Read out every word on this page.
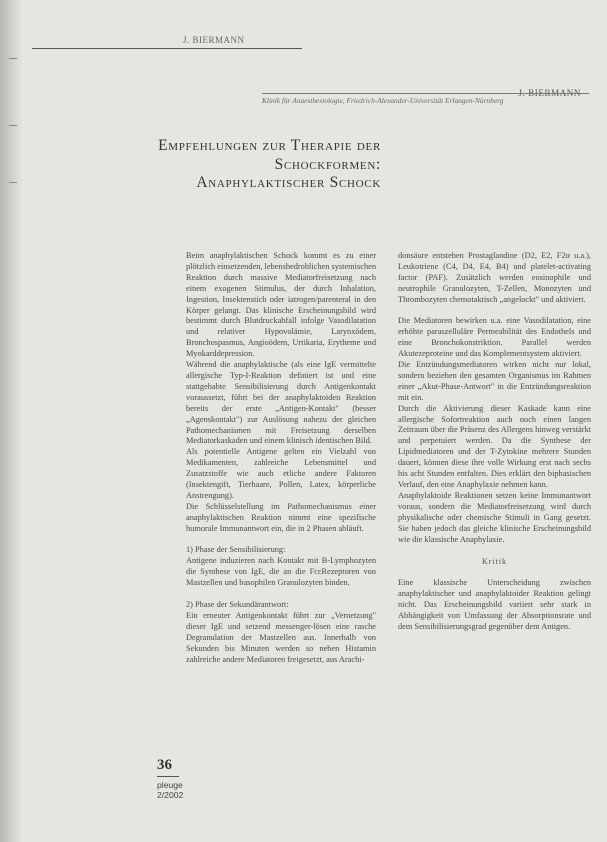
J. BIERMANN
J. BIERMANN
Klinik für Anaesthesiologie, Friedrich-Alexander-Universität Erlangen-Nürnberg
Empfehlungen zur Therapie der
Schockformen:
Anaphylaktischer Schock

Beim anaphylaktischen Schock kommt es zu einer plötzlich einsetzenden, lebensbedrohlichen systemischen Reaktion durch massive Mediatorfreisetzung nach einem exogenen Stimulus, der durch Inhalation, Ingestion, Insektenstich oder iatrogen/parenteral in den Körper gelangt. Das klinische Erscheinungsbild wird bestimmt durch Blutdruckabfall infolge Vasodilatation und relativer Hypovolämie, Larynxödem, Bronchospasmus, Angioödem, Urtikaria, Erytheme und Myokarddepression.

Während die anaphylaktische (als eine IgE vermittelte allergische Typ-I-Reaktion definiert ist und eine stattgehabte Sensibilisierung durch Antigenkontakt voraussetzt, führt bei der anaphylaktoiden Reaktion bereits der erste „Antigen-Kontakt" (besser „Agenskontakt") zur Auslösung nahezu der gleichen Pathomechanismen mit Freisetzung derselben Mediatorkaskaden und einem klinisch identischen Bild.

Als potentielle Antigene gelten ein Vielzahl von Medikamenten, zahlreiche Lebensmittel und Zusatzstoffe wie auch etliche andere Faktoren (Insektengift, Tierhaare, Pollen, Latex, körperliche Anstrengung).

Die Schlüsselstellung im Pathomechanismus einer anaphylaktischen Reaktion nimmt eine spezifische humorale Immunantwort ein, die in 2 Phasen abläuft.

1) Phase der Sensibilisierung:

Antigene induzieren nach Kontakt mit B-Lymphozyten die Synthese von IgE, die an die FcεRezeptoren von Mastzellen und basophilen Granulozyten binden.

2) Phase der Sekundärantwort:

Ein erneuter Antigenkontakt führt zur „Vernetzung" dieser IgE und setzend messenger-lösen eine rasche Degranulation der Mastzellen aus. Innerhalb von Sekunden bis Minuten werden so neben Histamin zahlreiche andere Mediatoren freigesetzt, aus Arachi-

donsäure entstehen Prostaglandine (D2, E2, F2α u.a.), Leukotriene (C4, D4, E4, B4) und platelet-activating factor (PAF). Zusätzlich werden eosinophile und neutrophile Granulozyten, T-Zellen, Monozyten und Thrombozyten chemotaktisch „angelockt" und aktiviert.

Die Mediatoren bewirken u.a. eine Vasodilatation, eine erhöhte paraszelluläre Permeabilität des Endothels und eine Bronchokonstriktion. Parallel werden Akutezeproteine und das Komplementsystem aktiviert.

Die Entzündungsmediatoren wirken nicht nur lokal, sondern beziehen den gesamten Organismus im Rahmen einer „Akut-Phase-Antwort" in die Entzündungsreaktion mit ein.

Durch die Aktivierung dieser Kaskade kann eine allergische Sofortreaktion auch noch einen langen Zeitraum über die Präsenz des Allergens hinweg verstärkt und perpetuiert werden. Da die Synthese der Lipidmediatoren und der T-Zytokine mehrere Stunden dauert, können diese ihre volle Wirkung erst nach sechs bis acht Stunden entfalten. Dies erklärt den biphasischen Verlauf, den eine Anaphylaxie nehmen kann.

Anaphylaktoide Reaktionen setzen keine Immunantwort voraus, sondern die Mediatorfreisetzung wird durch physikalische oder chemische Stimuli in Gang gesetzt. Sie haben jedoch das gleiche klinische Erscheinungsbild wie die klassische Anaphylaxie.

Kritik

Eine klassische Unterscheidung zwischen anaphylaktischer und anaphylaktoider Reaktion gelingt nicht. Das Erscheinungsbild variiert sehr stark in Abhängigkeit von Umfassung der Absorptionsrate und dem Sensibilisierungsgrad gegenüber dem Antigen.

36
pleuge
2/2002
